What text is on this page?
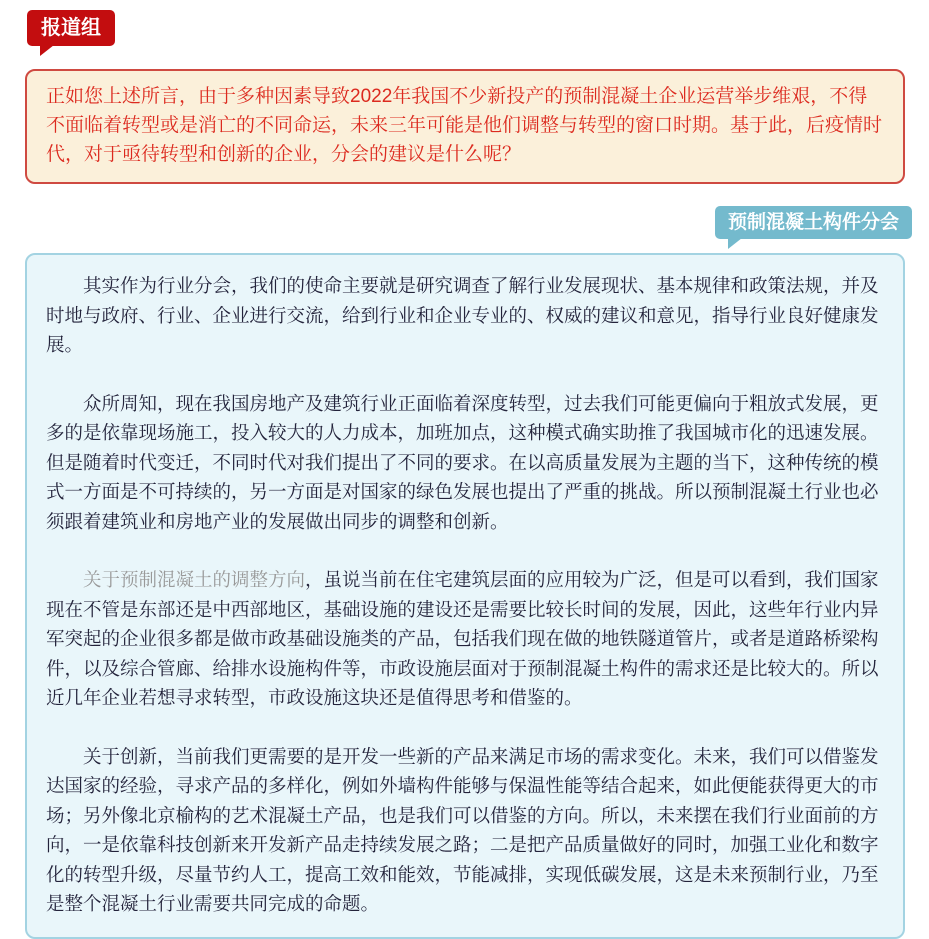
报道组

正如您上述所言，由于多种因素导致2022年我国不少新投产的预制混凝土企业运营举步维艰，不得不面临着转型或是消亡的不同命运，未来三年可能是他们调整与转型的窗口时期。基于此，后疫情时代，对于亟待转型和创新的企业，分会的建议是什么呢？

预制混凝土构件分会

其实作为行业分会，我们的使命主要就是研究调查了解行业发展现状、基本规律和政策法规，并及时地与政府、行业、企业进行交流，给到行业和企业专业的、权威的建议和意见，指导行业良好健康发展。

众所周知，现在我国房地产及建筑行业正面临着深度转型，过去我们可能更偏向于粗放式发展，更多的是依靠现场施工，投入较大的人力成本，加班加点，这种模式确实助推了我国城市化的迅速发展。但是随着时代变迁，不同时代对我们提出了不同的要求。在以高质量发展为主题的当下，这种传统的模式一方面是不可持续的，另一方面是对国家的绿色发展也提出了严重的挑战。所以预制混凝土行业也必须跟着建筑业和房地产业的发展做出同步的调整和创新。

关于预制混凝土的调整方向，虽说当前在住宅建筑层面的应用较为广泛，但是可以看到，我们国家现在不管是东部还是中西部地区，基础设施的建设还是需要比较长时间的发展，因此，这些年行业内异军突起的企业很多都是做市政基础设施类的产品，包括我们现在做的地铁隧道管片，或者是道路桥梁构件，以及综合管廊、给排水设施构件等，市政设施层面对于预制混凝土构件的需求还是比较大的。所以近几年企业若想寻求转型，市政设施这块还是值得思考和借鉴的。

关于创新，当前我们更需要的是开发一些新的产品来满足市场的需求变化。未来，我们可以借鉴发达国家的经验，寻求产品的多样化，例如外墙构件能够与保温性能等结合起来，如此便能获得更大的市场；另外像北京榆构的艺术混凝土产品，也是我们可以借鉴的方向。所以，未来摆在我们行业面前的方向，一是依靠科技创新来开发新产品走持续发展之路；二是把产品质量做好的同时，加强工业化和数字化的转型升级，尽量节约人工，提高工效和能效，节能减排，实现低碳发展，这是未来预制行业，乃至是整个混凝土行业需要共同完成的命题。
